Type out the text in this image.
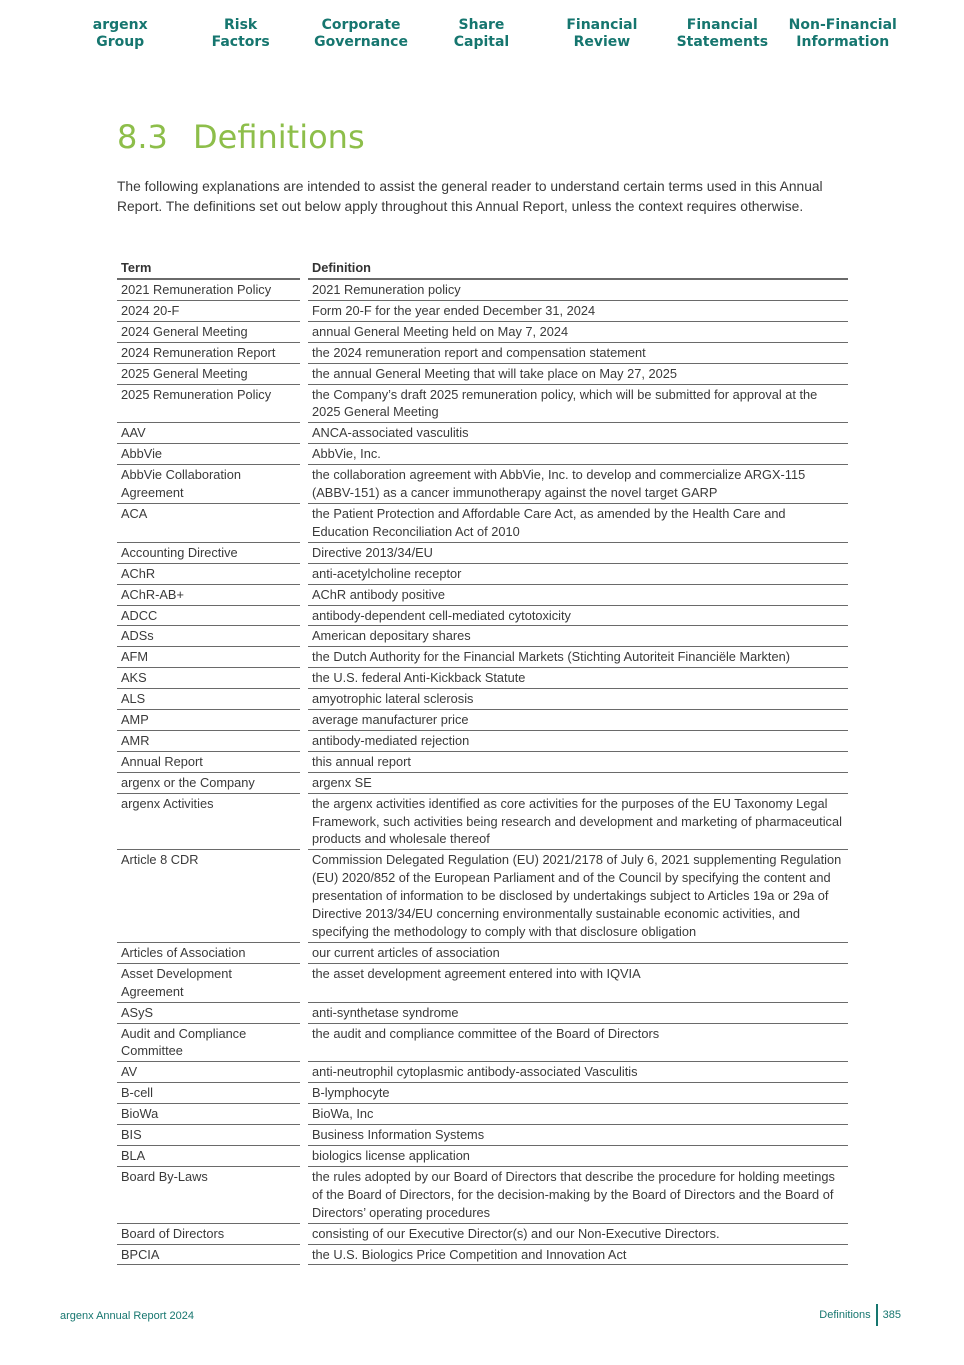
argenx
Group
Risk
Factors
Corporate
Governance
Share
Capital
Financial
Review
Financial
Statements
Non-Financial
Information
8.3 Definitions

The following explanations are intended to assist the general reader to understand certain terms used in this Annual Report. The definitions set out below apply throughout this Annual Report, unless the context requires otherwise.

Term		Definition
2021 Remuneration Policy		2021 Remuneration policy
2024 20-F		Form 20-F for the year ended December 31, 2024
2024 General Meeting		annual General Meeting held on May 7, 2024
2024 Remuneration Report		the 2024 remuneration report and compensation statement
2025 General Meeting		the annual General Meeting that will take place on May 27, 2025
2025 Remuneration Policy		the Company’s draft 2025 remuneration policy, which will be submitted for approval at the 2025 General Meeting
AAV		ANCA-associated vasculitis
AbbVie		AbbVie, Inc.
AbbVie Collaboration Agreement		the collaboration agreement with AbbVie, Inc. to develop and commercialize ARGX-115 (ABBV-151) as a cancer immunotherapy against the novel target GARP
ACA		the Patient Protection and Affordable Care Act, as amended by the Health Care and Education Reconciliation Act of 2010
Accounting Directive		Directive 2013/34/EU
AChR		anti-acetylcholine receptor
AChR-AB+		AChR antibody positive
ADCC		antibody-dependent cell-mediated cytotoxicity
ADSs		American depositary shares
AFM		the Dutch Authority for the Financial Markets (Stichting Autoriteit Financiële Markten)
AKS		the U.S. federal Anti-Kickback Statute
ALS		amyotrophic lateral sclerosis
AMP		average manufacturer price
AMR		antibody-mediated rejection
Annual Report		this annual report
argenx or the Company		argenx SE
argenx Activities		the argenx activities identified as core activities for the purposes of the EU Taxonomy Legal Framework, such activities being research and development and marketing of pharmaceutical products and wholesale thereof
Article 8 CDR		Commission Delegated Regulation (EU) 2021/2178 of July 6, 2021 supplementing Regulation (EU) 2020/852 of the European Parliament and of the Council by specifying the content and presentation of information to be disclosed by undertakings subject to Articles 19a or 29a of Directive 2013/34/EU concerning environmentally sustainable economic activities, and specifying the methodology to comply with that disclosure obligation
Articles of Association		our current articles of association
Asset Development Agreement		the asset development agreement entered into with IQVIA
ASyS		anti-synthetase syndrome
Audit and Compliance Committee		the audit and compliance committee of the Board of Directors
AV		anti-neutrophil cytoplasmic antibody-associated Vasculitis
B-cell		B-lymphocyte
BioWa		BioWa, Inc
BIS		Business Information Systems
BLA		biologics license application
Board By-Laws		the rules adopted by our Board of Directors that describe the procedure for holding meetings of the Board of Directors, for the decision-making by the Board of Directors and the Board of Directors’ operating procedures
Board of Directors		consisting of our Executive Director(s) and our Non-Executive Directors.
BPCIA		the U.S. Biologics Price Competition and Innovation Act
argenx Annual Report 2024	Definitions 385
